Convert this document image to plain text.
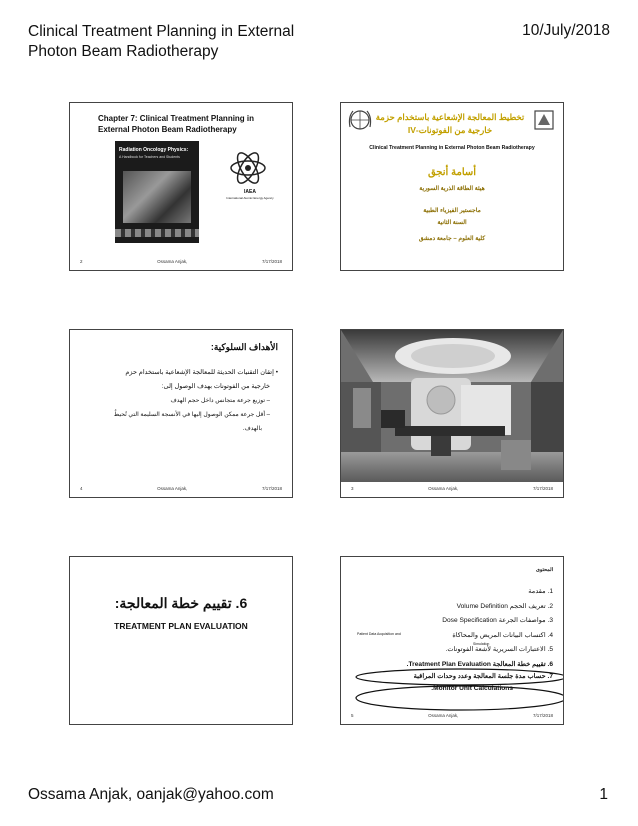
Clinical Treatment Planning in External
Photon Beam Radiotherapy
10/July/2018
Chapter 7: Clinical Treatment Planning in External Photon Beam Radiotherapy
Radiation Oncology Physics:
A Handbook for Teachers and Students
IAEA
International Atomic Energy Agency
2	Ossama Anjak,	7/17/2018
تخطيط المعالجة الإشعاعية باستخدام حزمة
خارجية من الفوتونات-IV
Clinical Treatment Planning in External Photon Beam Radiotherapy
أسامة أنجق
هيئة الطاقة الذرية السورية
ماجستير الفيزياء الطبية
السنة الثانية
كلية العلوم – جامعة دمشق
الأهداف السلوكية:
• إتقان التقنيات الحديثة للمعالجة الإشعاعية باستخدام حزم
خارجية من الفوتونات بهدف الوصول إلى:
– توزيع جرعة متجانس داخل حجم الهدف
– أقل جرعة ممكن الوصول إليها في الأنسجة السليمة التي تُحيطُ
بالهدف.
4	Ossama Anjak,	7/17/2018	3	Ossama Anjak,	7/17/2018
6. تقييم خطة المعالجة:
TREATMENT PLAN EVALUATION
المحتوى
1. مقدمة
2. تعريف الحجم Volume Definition
3. مواصفات الجرعة Dose Specification
4. اكتساب البيانات المريض والمحاكاة
Patient Data Acquisition and
Simulation
5. الاعتبارات السريرية لأشعة الفوتونات.
6. تقييم خطة المعالجة Treatment Plan Evaluation.
7. حساب مدة جلسة المعالجة وعدد وحدات المراقبة
Monitor Unit Calculations.
5	Ossama Anjak,	7/17/2018
Ossama Anjak, oanjak@yahoo.com	1
